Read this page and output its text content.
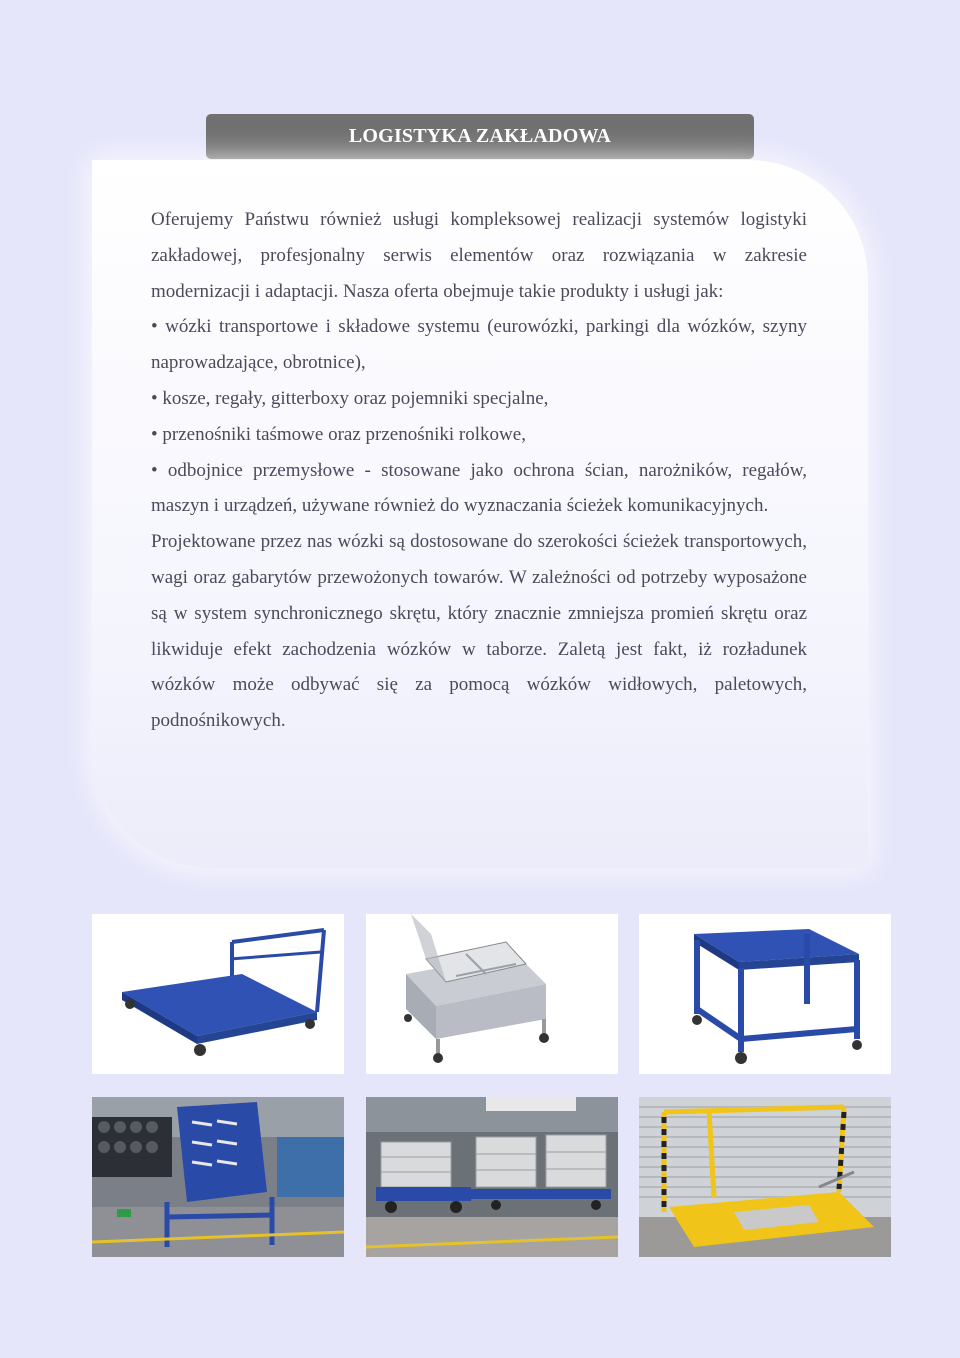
LOGISTYKA ZAKŁADOWA

Oferujemy Państwu również usługi kompleksowej realizacji systemów logistyki zakładowej, profesjonalny serwis elementów oraz rozwiązania w zakresie modernizacji i adaptacji. Nasza oferta obejmuje takie produkty i usługi jak:

• wózki transportowe i składowe systemu (eurowózki, parkingi dla wózków, szyny naprowadzające, obrotnice),

• kosze, regały, gitterboxy oraz pojemniki specjalne,

• przenośniki taśmowe oraz przenośniki rolkowe,

• odbojnice przemysłowe - stosowane jako ochrona ścian, narożników, regałów, maszyn i urządzeń, używane również do wyznaczania ścieżek komunikacyjnych.

Projektowane przez nas wózki są dostosowane do szerokości ścieżek transportowych, wagi oraz gabarytów przewożonych towarów. W zależności od potrzeby wyposażone są w system synchronicznego skrętu, który znacznie zmniejsza promień skrętu oraz likwiduje efekt zachodzenia wózków w taborze. Zaletą jest fakt, iż rozładunek wózków może odbywać się za pomocą wózków widłowych, paletowych, podnośnikowych.
